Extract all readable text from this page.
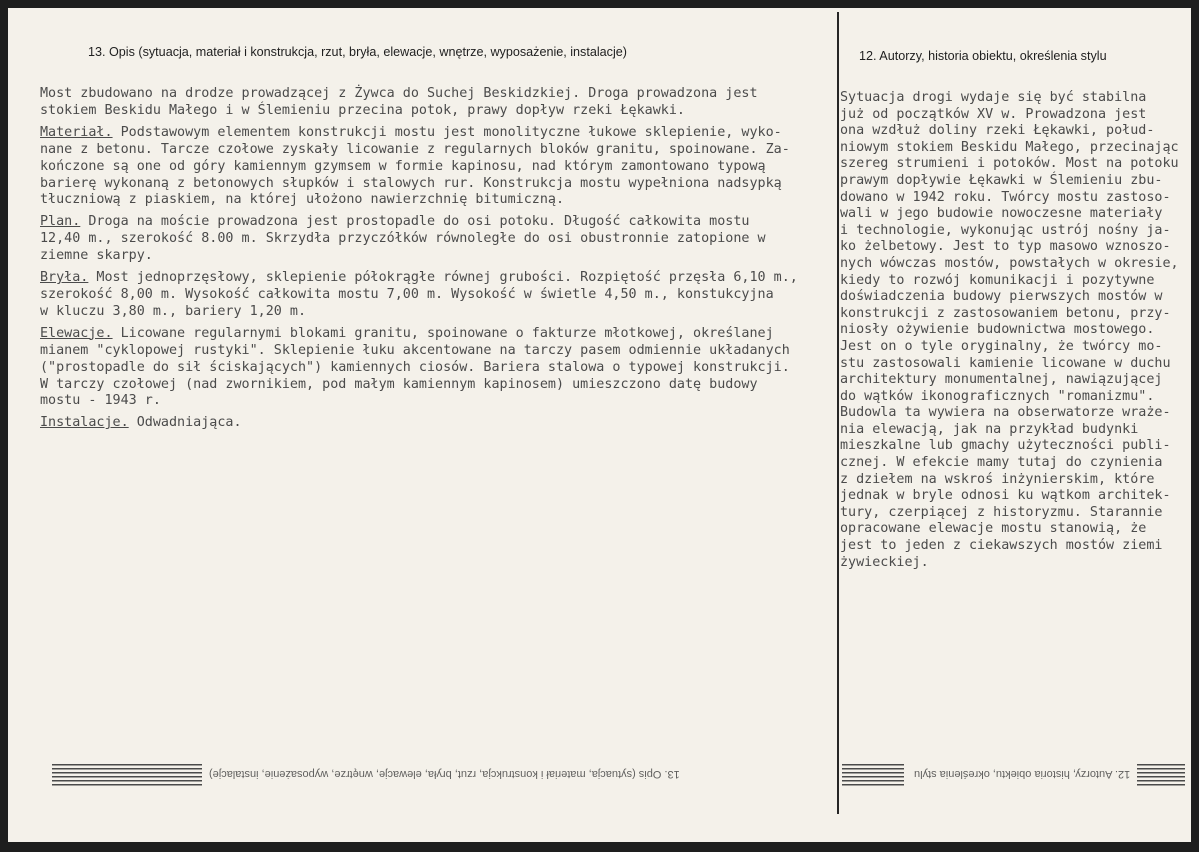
13. Opis (sytuacja, materiał i konstrukcja, rzut, bryła, elewacje, wnętrze, wyposażenie, instalacje)	12. Autorzy, historia obiektu, określenia stylu

Most zbudowano na drodze prowadzącej z Żywca do Suchej Beskidzkiej. Droga prowadzona jest
stokiem Beskidu Małego i w Ślemieniu przecina potok, prawy dopływ rzeki Łękawki.

Materiał. Podstawowym elementem konstrukcji mostu jest monolityczne łukowe sklepienie, wyko-
nane z betonu. Tarcze czołowe zyskały licowanie z regularnych bloków granitu, spoinowane. Za-
kończone są one od góry kamiennym gzymsem w formie kapinosu, nad którym zamontowano typową
barierę wykonaną z betonowych słupków i stalowych rur. Konstrukcja mostu wypełniona nadsypką
tłuczniową z piaskiem, na której ułożono nawierzchnię bitumiczną.

Plan. Droga na moście prowadzona jest prostopadle do osi potoku. Długość całkowita mostu
12,40 m., szerokość 8.00 m. Skrzydła przyczółków równoległe do osi obustronnie zatopione w
ziemne skarpy.

Bryła. Most jednoprzęsłowy, sklepienie półokrągłe równej grubości. Rozpiętość przęsła 6,10 m.,
szerokość 8,00 m. Wysokość całkowita mostu 7,00 m. Wysokość w świetle 4,50 m., konstukcyjna
w kluczu 3,80 m., bariery 1,20 m.

Elewacje. Licowane regularnymi blokami granitu, spoinowane o fakturze młotkowej, określanej
mianem "cyklopowej rustyki". Sklepienie łuku akcentowane na tarczy pasem odmiennie układanych
("prostopadle do sił ściskających") kamiennych ciosów. Bariera stalowa o typowej konstrukcji.
W tarczy czołowej (nad zwornikiem, pod małym kamiennym kapinosem) umieszczono datę budowy
mostu - 1943 r.

Instalacje. Odwadniająca.

Sytuacja drogi wydaje się być stabilna
już od początków XV w. Prowadzona jest
ona wzdłuż doliny rzeki Łękawki, połud-
niowym stokiem Beskidu Małego, przecinając
szereg strumieni i potoków. Most na potoku
prawym dopływie Łękawki w Ślemieniu zbu-
dowano w 1942 roku. Twórcy mostu zastoso-
wali w jego budowie nowoczesne materiały
i technologie, wykonując ustrój nośny ja-
ko żelbetowy. Jest to typ masowo wznoszo-
nych wówczas mostów, powstałych w okresie,
kiedy to rozwój komunikacji i pozytywne
doświadczenia budowy pierwszych mostów w
konstrukcji z zastosowaniem betonu, przy-
niosły ożywienie budownictwa mostowego.
Jest on o tyle oryginalny, że twórcy mo-
stu zastosowali kamienie licowane w duchu
architektury monumentalnej, nawiązującej
do wątków ikonograficznych "romanizmu".
Budowla ta wywiera na obserwatorze wraże-
nia elewacją, jak na przykład budynki
mieszkalne lub gmachy użyteczności publi-
cznej. W efekcie mamy tutaj do czynienia
z dziełem na wskroś inżynierskim, które
jednak w bryle odnosi ku wątkom architek-
tury, czerpiącej z historyzmu. Starannie
opracowane elewacje mostu stanowią, że
jest to jeden z ciekawszych mostów ziemi
żywieckiej.
13. Opis (sytuacja, materiał i konstrukcja, rzut, bryła, elewacje, wnętrze, wyposażenie, instalacje)	12. Autorzy, historia obiektu, określenia stylu
